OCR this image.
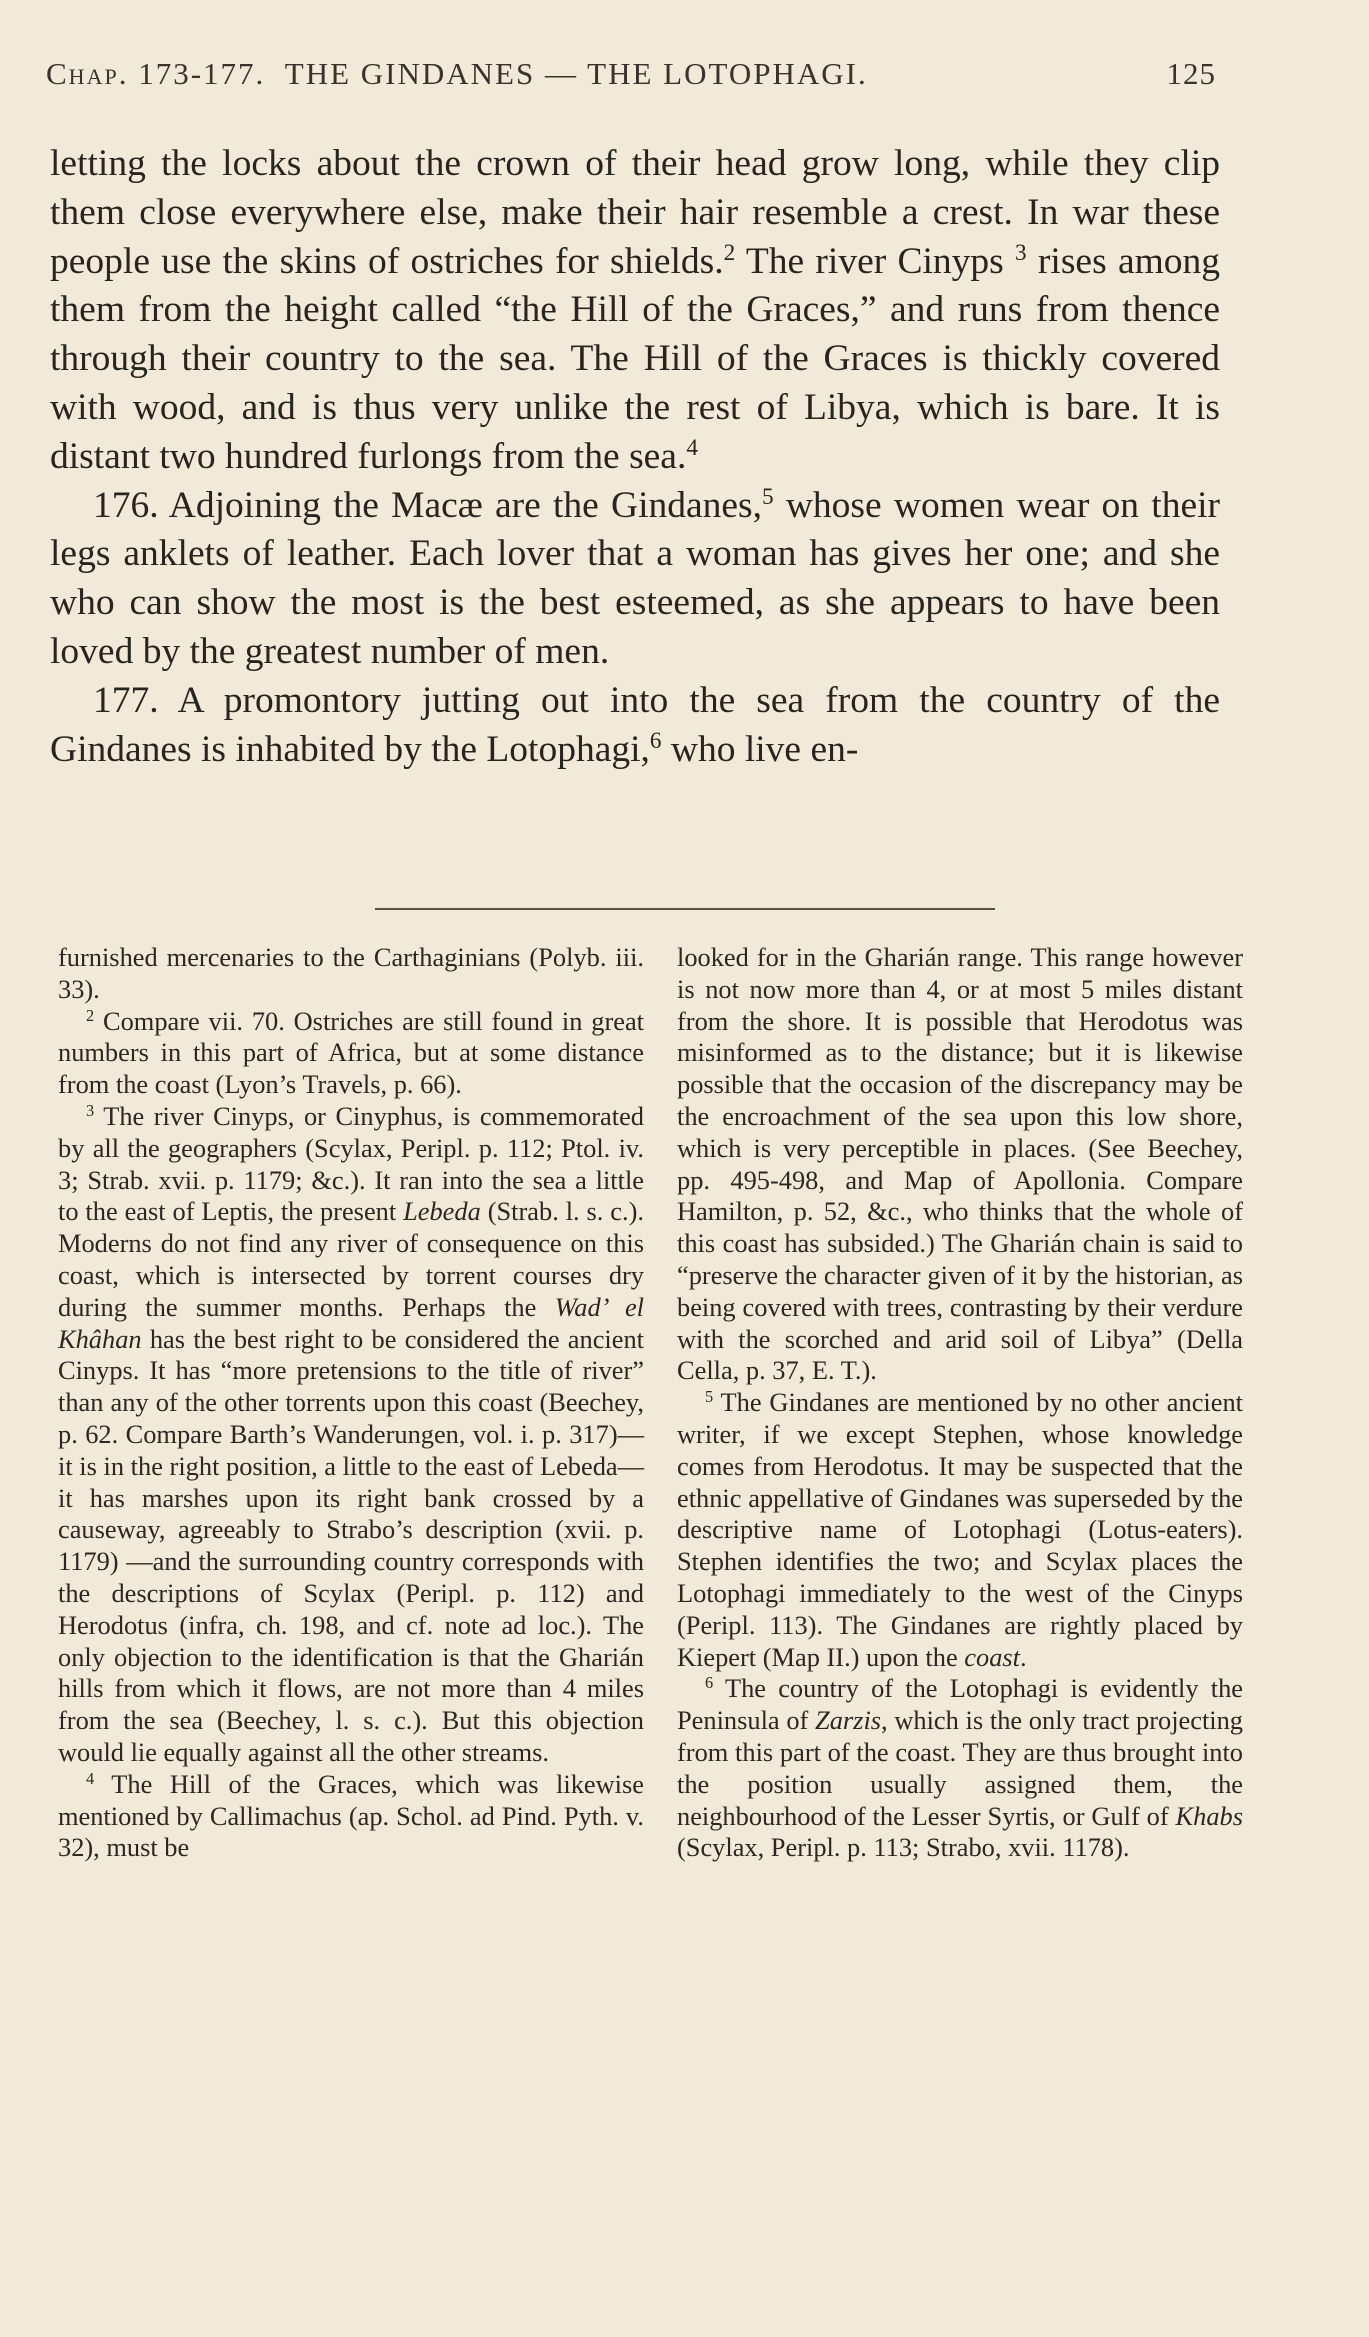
Chap. 173-177. THE GINDANES — THE LOTOPHAGI.	125

letting the locks about the crown of their head grow long, while they clip them close everywhere else, make their hair resemble a crest. In war these people use the skins of ostriches for shields.$^2$ The river Cinyps $^3$ rises among them from the height called “the Hill of the Graces,” and runs from thence through their country to the sea. The Hill of the Graces is thickly covered with wood, and is thus very unlike the rest of Libya, which is bare. It is distant two hundred furlongs from the sea.$^4$

176. Adjoining the Macæ are the Gindanes,$^5$ whose women wear on their legs anklets of leather. Each lover that a woman has gives her one; and she who can show the most is the best esteemed, as she appears to have been loved by the greatest number of men.

177. A promontory jutting out into the sea from the country of the Gindanes is inhabited by the Lotophagi,$^6$ who live en-

furnished mercenaries to the Carthaginians (Polyb. iii. 33).

$^2$ Compare vii. 70. Ostriches are still found in great numbers in this part of Africa, but at some distance from the coast (Lyon’s Travels, p. 66).

$^3$ The river Cinyps, or Cinyphus, is commemorated by all the geographers (Scylax, Peripl. p. 112; Ptol. iv. 3; Strab. xvii. p. 1179; &c.). It ran into the sea a little to the east of Leptis, the present Lebeda (Strab. l. s. c.). Moderns do not find any river of consequence on this coast, which is intersected by torrent courses dry during the summer months. Perhaps the Wad’ el Khâhan has the best right to be considered the ancient Cinyps. It has “more pretensions to the title of river” than any of the other torrents upon this coast (Beechey, p. 62. Compare Barth’s Wanderungen, vol. i. p. 317)—it is in the right position, a little to the east of Lebeda—it has marshes upon its right bank crossed by a causeway, agreeably to Strabo’s description (xvii. p. 1179) —and the surrounding country corresponds with the descriptions of Scylax (Peripl. p. 112) and Herodotus (infra, ch. 198, and cf. note ad loc.). The only objection to the identification is that the Gharián hills from which it flows, are not more than 4 miles from the sea (Beechey, l. s. c.). But this objection would lie equally against all the other streams.

$^4$ The Hill of the Graces, which was likewise mentioned by Callimachus (ap. Schol. ad Pind. Pyth. v. 32), must be

looked for in the Gharián range. This range however is not now more than 4, or at most 5 miles distant from the shore. It is possible that Herodotus was misinformed as to the distance; but it is likewise possible that the occasion of the discrepancy may be the encroachment of the sea upon this low shore, which is very perceptible in places. (See Beechey, pp. 495-498, and Map of Apollonia. Compare Hamilton, p. 52, &c., who thinks that the whole of this coast has subsided.) The Gharián chain is said to “preserve the character given of it by the historian, as being covered with trees, contrasting by their verdure with the scorched and arid soil of Libya” (Della Cella, p. 37, E. T.).

$^5$ The Gindanes are mentioned by no other ancient writer, if we except Stephen, whose knowledge comes from Herodotus. It may be suspected that the ethnic appellative of Gindanes was superseded by the descriptive name of Lotophagi (Lotus-eaters). Stephen identifies the two; and Scylax places the Lotophagi immediately to the west of the Cinyps (Peripl. 113). The Gindanes are rightly placed by Kiepert (Map II.) upon the coast.

$^6$ The country of the Lotophagi is evidently the Peninsula of Zarzis, which is the only tract projecting from this part of the coast. They are thus brought into the position usually assigned them, the neighbourhood of the Lesser Syrtis, or Gulf of Khabs (Scylax, Peripl. p. 113; Strabo, xvii. 1178).
